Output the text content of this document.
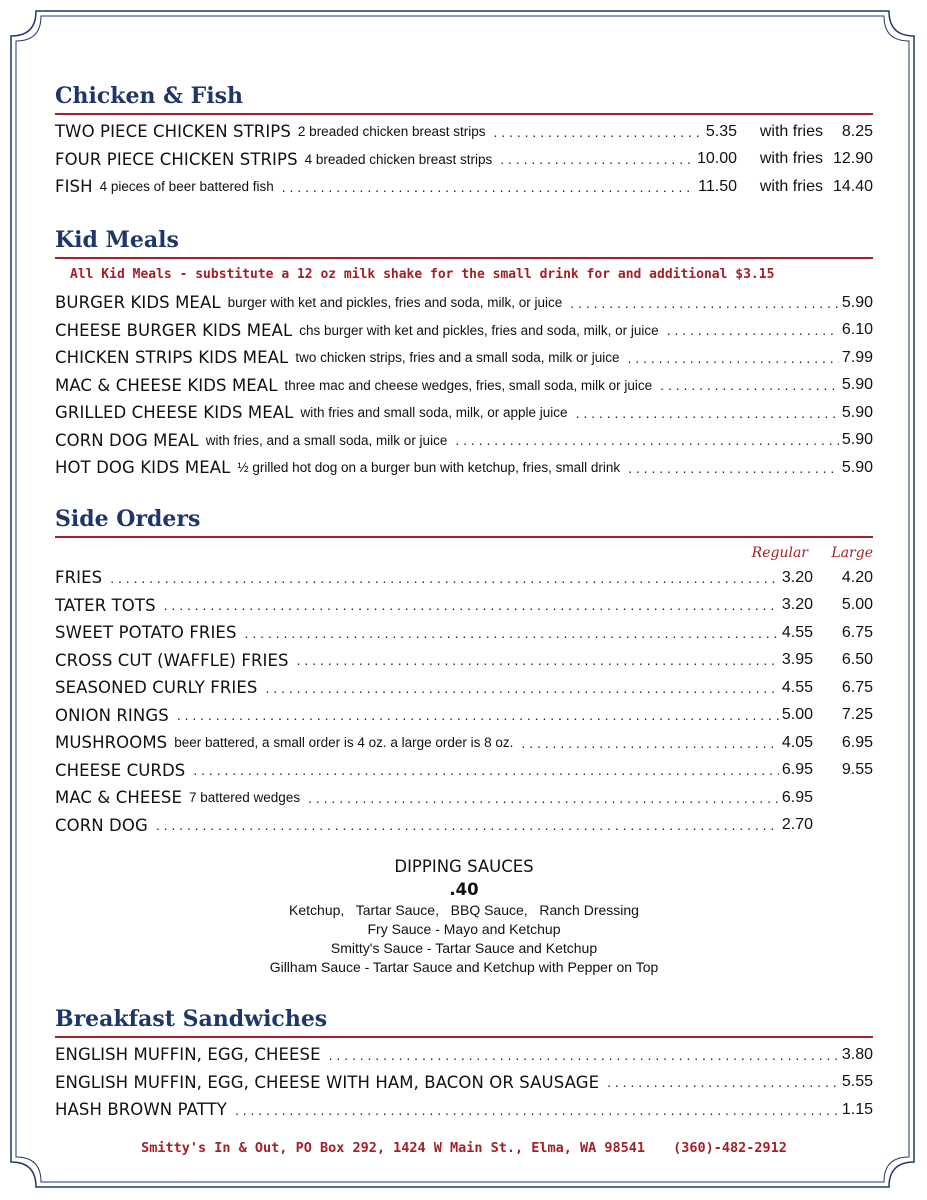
Chicken & Fish
TWO PIECE CHICKEN STRIPS 2 breaded chicken breast strips . . .	5.35	with fries	8.25
FOUR PIECE CHICKEN STRIPS 4 breaded chicken breast strips . . .	10.00	with fries 12.90
FISH 4 pieces of beer battered fish . . .	11.50	with fries 14.40
Kid Meals
All Kid Meals - substitute a 12 oz milk shake for the small drink for and additional $3.15
BURGER KIDS MEAL burger with ket and pickles, fries and soda, milk, or juice . . .	5.90
CHEESE BURGER KIDS MEAL chs burger with ket and pickles, fries and soda, milk, or juice . . .	6.10
CHICKEN STRIPS KIDS MEAL two chicken strips, fries and a small soda, milk or juice . . .	7.99
MAC & CHEESE KIDS MEAL three mac and cheese wedges, fries, small soda, milk or juice . . .	5.90
GRILLED CHEESE KIDS MEAL with fries and small soda, milk, or apple juice . . .	5.90
CORN DOG MEAL with fries, and a small soda, milk or juice . . .	5.90
HOT DOG KIDS MEAL ½ grilled hot dog on a burger bun with ketchup, fries, small drink . . .	5.90
Side Orders
Regular	Large
FRIES . . .	3.20	4.20
TATER TOTS . . .	3.20	5.00
SWEET POTATO FRIES . . .	4.55	6.75
CROSS CUT (WAFFLE) FRIES . . .	3.95	6.50
SEASONED CURLY FRIES . . .	4.55	6.75
ONION RINGS . . .	5.00	7.25
MUSHROOMS beer battered, a small order is 4 oz. a large order is 8 oz. . . .	4.05	6.95
CHEESE CURDS . . .	6.95	9.55
MAC & CHEESE 7 battered wedges . . .	6.95
CORN DOG . . .	2.70
DIPPING SAUCES
.40
Ketchup,   Tartar Sauce,   BBQ Sauce,   Ranch Dressing
Fry Sauce - Mayo and Ketchup
Smitty's Sauce - Tartar Sauce and Ketchup
Gillham Sauce - Tartar Sauce and Ketchup with Pepper on Top
Breakfast Sandwiches
ENGLISH MUFFIN, EGG, CHEESE . . .	3.80
ENGLISH MUFFIN, EGG, CHEESE WITH HAM, BACON OR SAUSAGE . . .	5.55
HASH BROWN PATTY . . .	1.15
Smitty's In & Out, PO Box 292, 1424 W Main St., Elma, WA 98541 (360)-482-2912
